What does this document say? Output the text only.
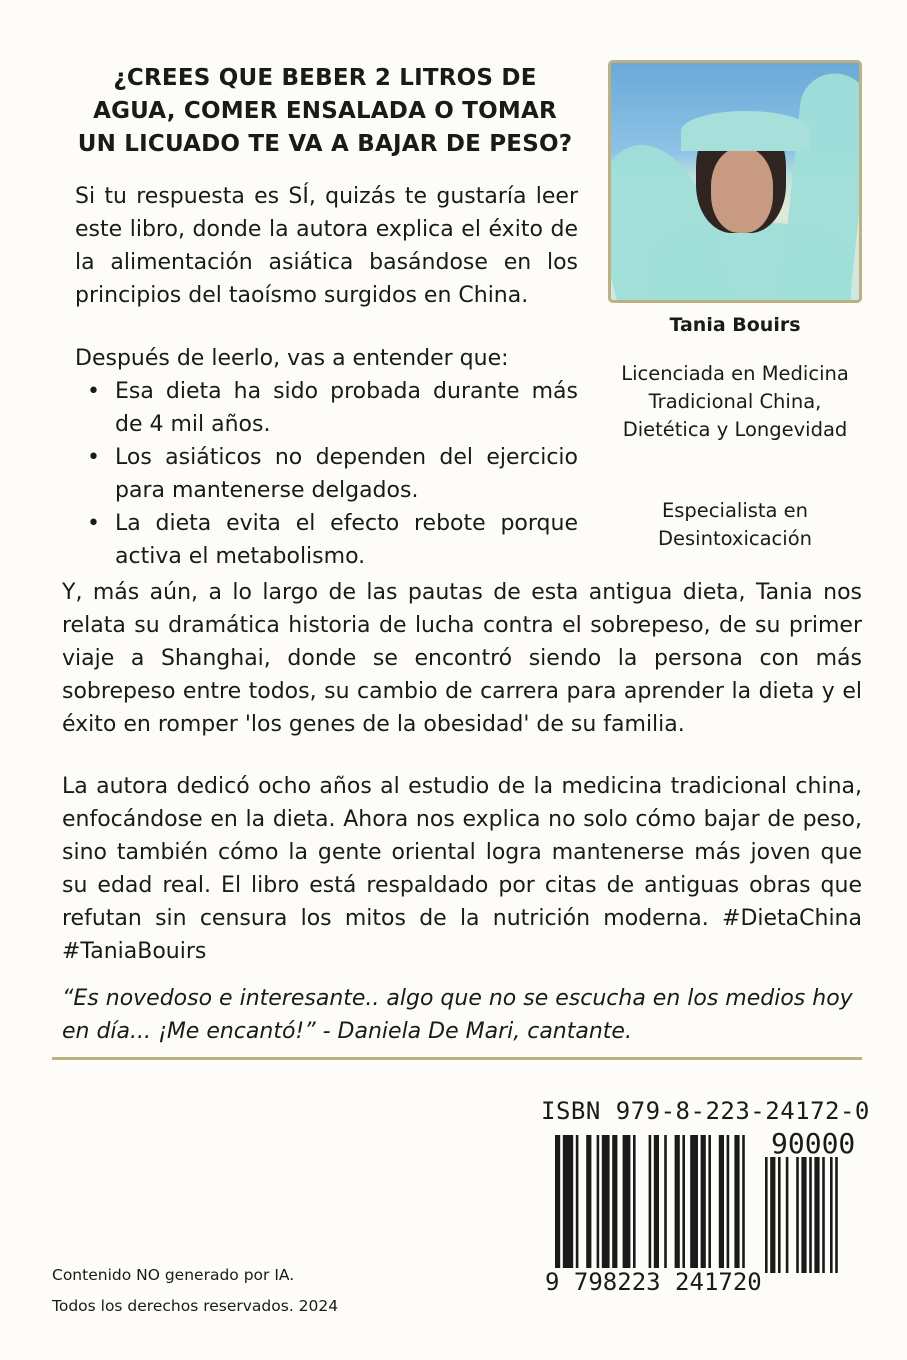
¿CREES QUE BEBER 2 LITROS DE AGUA, COMER ENSALADA O TOMAR UN LICUADO TE VA A BAJAR DE PESO?
Si tu respuesta es SÍ, quizás te gustaría leer este libro, donde la autora explica el éxito de la alimentación asiática basándose en los principios del taoísmo surgidos en China.
Después de leerlo, vas a entender que:
• Esa dieta ha sido probada durante más de 4 mil años.
• Los asiáticos no dependen del ejercicio para mantenerse delgados.
• La dieta evita el efecto rebote porque activa el metabolismo.
Tania Bouirs
Licenciada en Medicina Tradicional China, Dietética y Longevidad
Especialista en Desintoxicación
Y, más aún, a lo largo de las pautas de esta antigua dieta, Tania nos relata su dramática historia de lucha contra el sobrepeso, de su primer viaje a Shanghai, donde se encontró siendo la persona con más sobrepeso entre todos, su cambio de carrera para aprender la dieta y el éxito en romper 'los genes de la obesidad' de su familia.
La autora dedicó ocho años al estudio de la medicina tradicional china, enfocándose en la dieta. Ahora nos explica no solo cómo bajar de peso, sino también cómo la gente oriental logra mantenerse más joven que su edad real. El libro está respaldado por citas de antiguas obras que refutan sin censura los mitos de la nutrición moderna. #DietaChina #TaniaBouirs
“Es novedoso e interesante.. algo que no se escucha en los medios hoy en día... ¡Me encantó!” - Daniela De Mari, cantante.
ISBN 979-8-223-24172-0
90000
9 798223 241720
Contenido NO generado por IA.
Todos los derechos reservados. 2024
